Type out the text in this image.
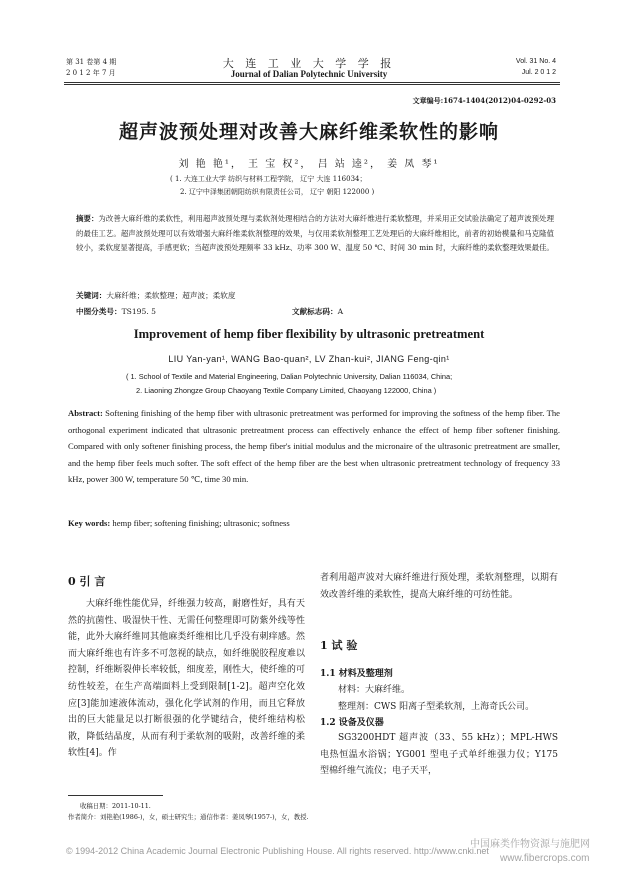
第 31 卷第 4 期
2 0 1 2 年 7 月
大 连 工 业 大 学 学 报
Journal of Dalian Polytechnic University
Vol. 31 No. 4
Jul. 2 0 1 2
文章编号:1674-1404(2012)04-0292-03
超声波预处理对改善大麻纤维柔软性的影响
刘 艳 艳¹， 王 宝 权²， 吕 站 逵²， 姜 凤 琴¹
( 1. 大连工业大学 纺织与材料工程学院， 辽宁 大连 116034；
2. 辽宁中泽集团朝阳纺织有限责任公司， 辽宁 朝阳 122000 )
摘要：为改善大麻纤维的柔软性，利用超声波预处理与柔软剂处理相结合的方法对大麻纤维进行柔软整理，并采用正交试验法确定了超声波预处理的最佳工艺。超声波预处理可以有效增强大麻纤维柔软剂整理的效果，与仅用柔软剂整理工艺处理后的大麻纤维相比，前者的初始模量和马克隆值较小，柔软度显著提高，手感更软；当超声波预处理频率 33 kHz、功率 300 W、温度 50 ℃、时间 30 min 时，大麻纤维的柔软整理效果最佳。
关键词：大麻纤维；柔软整理；超声波；柔软度
中图分类号：TS195. 5	文献标志码：A
Improvement of hemp fiber flexibility by ultrasonic pretreatment
LIU Yan-yan¹, WANG Bao-quan², LV Zhan-kui², JIANG Feng-qin¹
( 1. School of Textile and Material Engineering, Dalian Polytechnic University, Dalian 116034, China;
2. Liaoning Zhongze Group Chaoyang Textile Company Limited, Chaoyang 122000, China )
Abstract: Softening finishing of the hemp fiber with ultrasonic pretreatment was performed for improving the softness of the hemp fiber. The orthogonal experiment indicated that ultrasonic pretreatment process can effectively enhance the effect of hemp fiber softener finishing. Compared with only softener finishing process, the hemp fiber's initial modulus and the micronaire of the ultrasonic pretreatment are smaller, and the hemp fiber feels much softer. The soft effect of the hemp fiber are the best when ultrasonic pretreatment technology of frequency 33 kHz, power 300 W, temperature 50 ℃, time 30 min.
Key words: hemp fiber; softening finishing; ultrasonic; softness
0 引 言
大麻纤维性能优异，纤维强力较高，耐磨性好，具有天然的抗菌性、吸湿快干性、无需任何整理即可防紫外线等性能，此外大麻纤维同其他麻类纤维相比几乎没有刺痒感。然而大麻纤维也有许多不可忽视的缺点，如纤维脱胶程度难以控制，纤维断裂伸长率较低，细度差，刚性大，使纤维的可纺性较差，在生产高端面料上受到限制[1-2]。超声空化效应[3]能加速液体流动，强化化学试剂的作用，而且它释放出的巨大能量足以打断很强的化学键结合，使纤维结构松散，降低结晶度，从而有利于柔软剂的吸附，改善纤维的柔软性[4]。作
者利用超声波对大麻纤维进行预处理，柔软剂整理，以期有效改善纤维的柔软性，提高大麻纤维的可纺性能。
1 试 验
1.1 材料及整理剂
材料：大麻纤维。
整理剂：CWS 阳离子型柔软剂，上海奇氏公司。
1.2 设备及仪器
SG3200HDT 超声波（33、55 kHz）；MPL-HWS 电热恒温水浴锅；YG001 型电子式单纤维强力仪；Y175 型棉纤维气流仪；电子天平，
收稿日期：2011-10-11.
作者简介：刘艳艳(1986-)，女，硕士研究生；通信作者：姜凤琴(1957-)，女，教授.
© 1994-2012 China Academic Journal Electronic Publishing House. All rights reserved. http://www.cnki.net
中国麻类作物资源与施肥网
www.fibercrops.com
